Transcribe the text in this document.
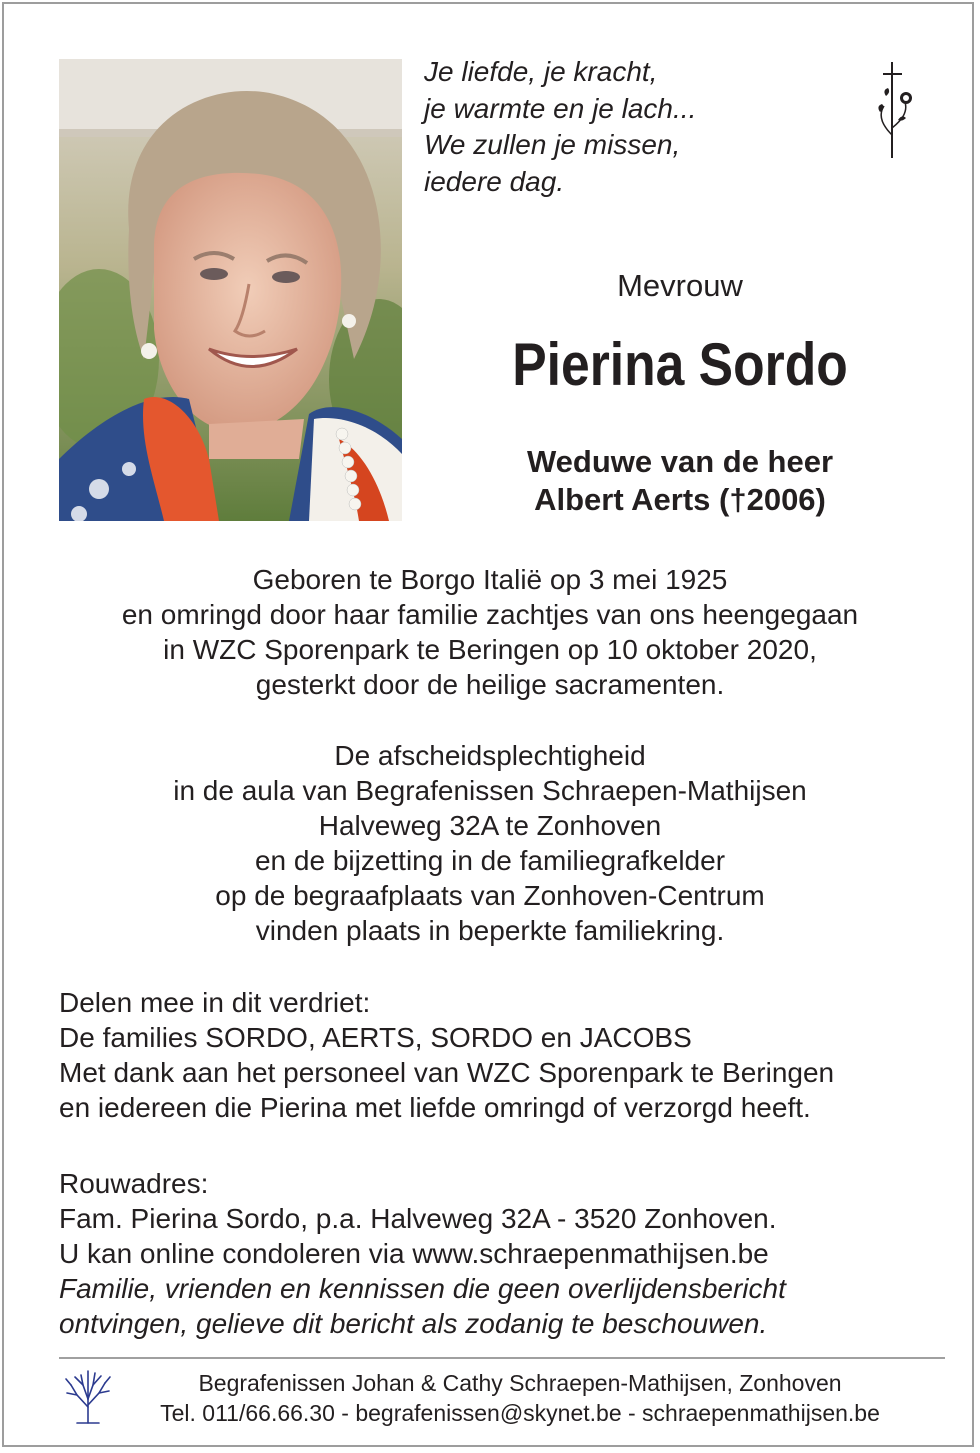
Je liefde, je kracht,
je warmte en je lach...
We zullen je missen,
iedere dag.
Mevrouw
Pierina Sordo
Weduwe van de heer
Albert Aerts (†2006)
Geboren te Borgo Italië op 3 mei 1925
en omringd door haar familie zachtjes van ons heengegaan
in WZC Sporenpark te Beringen op 10 oktober 2020,
gesterkt door de heilige sacramenten.
De afscheidsplechtigheid
in de aula van Begrafenissen Schraepen-Mathijsen
Halveweg 32A te Zonhoven
en de bijzetting in de familiegrafkelder
op de begraafplaats van Zonhoven-Centrum
vinden plaats in beperkte familiekring.
Delen mee in dit verdriet:
De families SORDO, AERTS, SORDO en JACOBS
Met dank aan het personeel van WZC Sporenpark te Beringen
en iedereen die Pierina met liefde omringd of verzorgd heeft.
Rouwadres:
Fam. Pierina Sordo, p.a. Halveweg 32A - 3520 Zonhoven.
U kan online condoleren via www.schraepenmathijsen.be
Familie, vrienden en kennissen die geen overlijdensbericht
ontvingen, gelieve dit bericht als zodanig te beschouwen.
Begrafenissen Johan & Cathy Schraepen-Mathijsen, Zonhoven
Tel. 011/66.66.30 - begrafenissen@skynet.be - schraepenmathijsen.be
